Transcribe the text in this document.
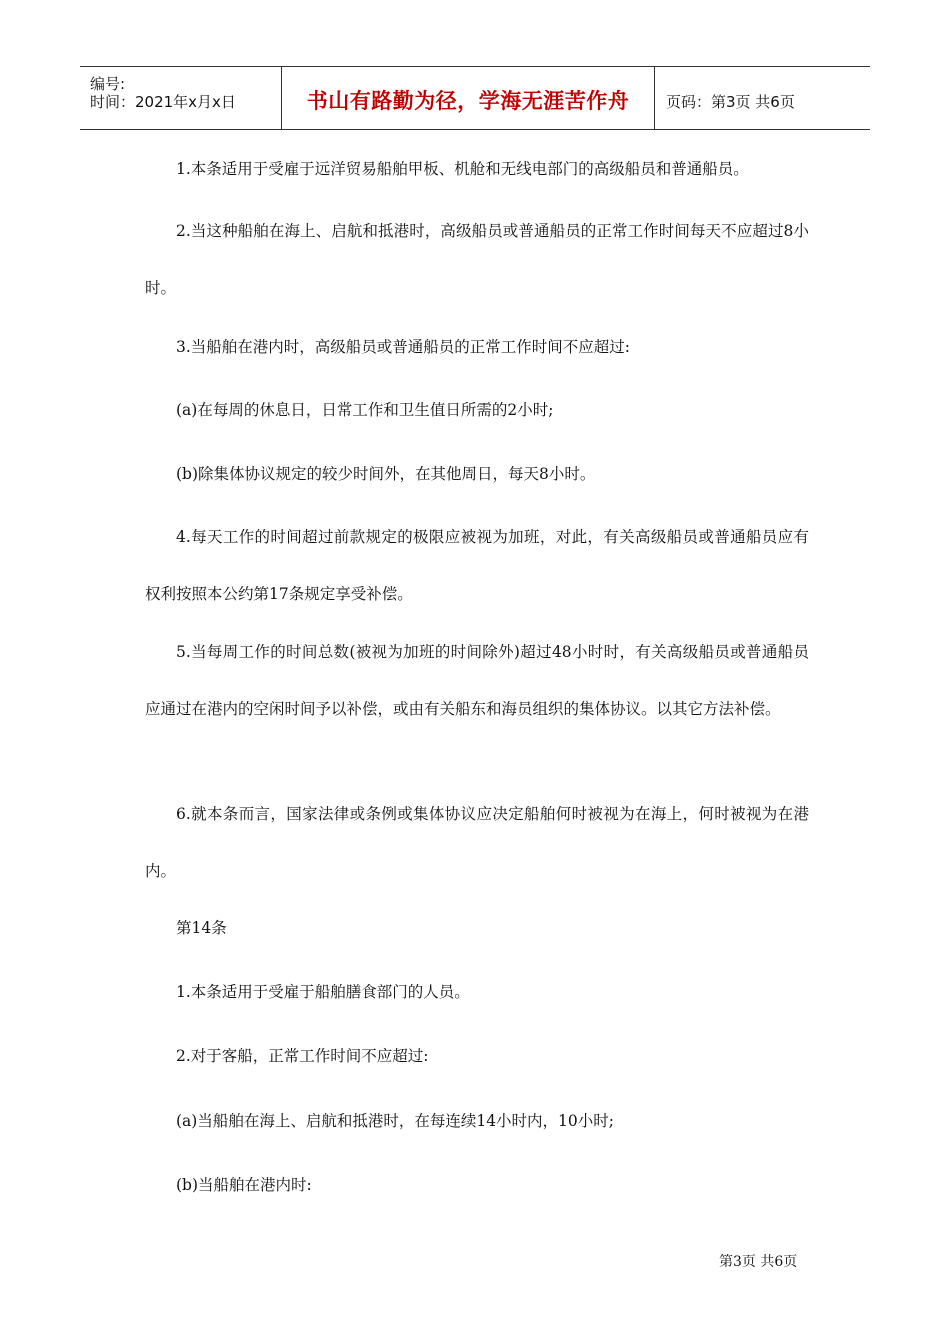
编号:
时间：2021年x月x日	书山有路勤为径，学海无涯苦作舟	页码：第3页 共6页
1.本条适用于受雇于远洋贸易船舶甲板、机舱和无线电部门的高级船员和普通船员。
2.当这种船舶在海上、启航和抵港时，高级船员或普通船员的正常工作时间每天不应超过8小时。
3.当船舶在港内时，高级船员或普通船员的正常工作时间不应超过:
(a)在每周的休息日，日常工作和卫生值日所需的2小时;
(b)除集体协议规定的较少时间外，在其他周日，每天8小时。
4.每天工作的时间超过前款规定的极限应被视为加班，对此，有关高级船员或普通船员应有权利按照本公约第17条规定享受补偿。
5.当每周工作的时间总数(被视为加班的时间除外)超过48小时时，有关高级船员或普通船员应通过在港内的空闲时间予以补偿，或由有关船东和海员组织的集体协议。以其它方法补偿。
6.就本条而言，国家法律或条例或集体协议应决定船舶何时被视为在海上，何时被视为在港内。
第14条
1.本条适用于受雇于船舶膳食部门的人员。
2.对于客船，正常工作时间不应超过:
(a)当船舶在海上、启航和抵港时，在每连续14小时内，10小时;
(b)当船舶在港内时:
第3页 共6页
